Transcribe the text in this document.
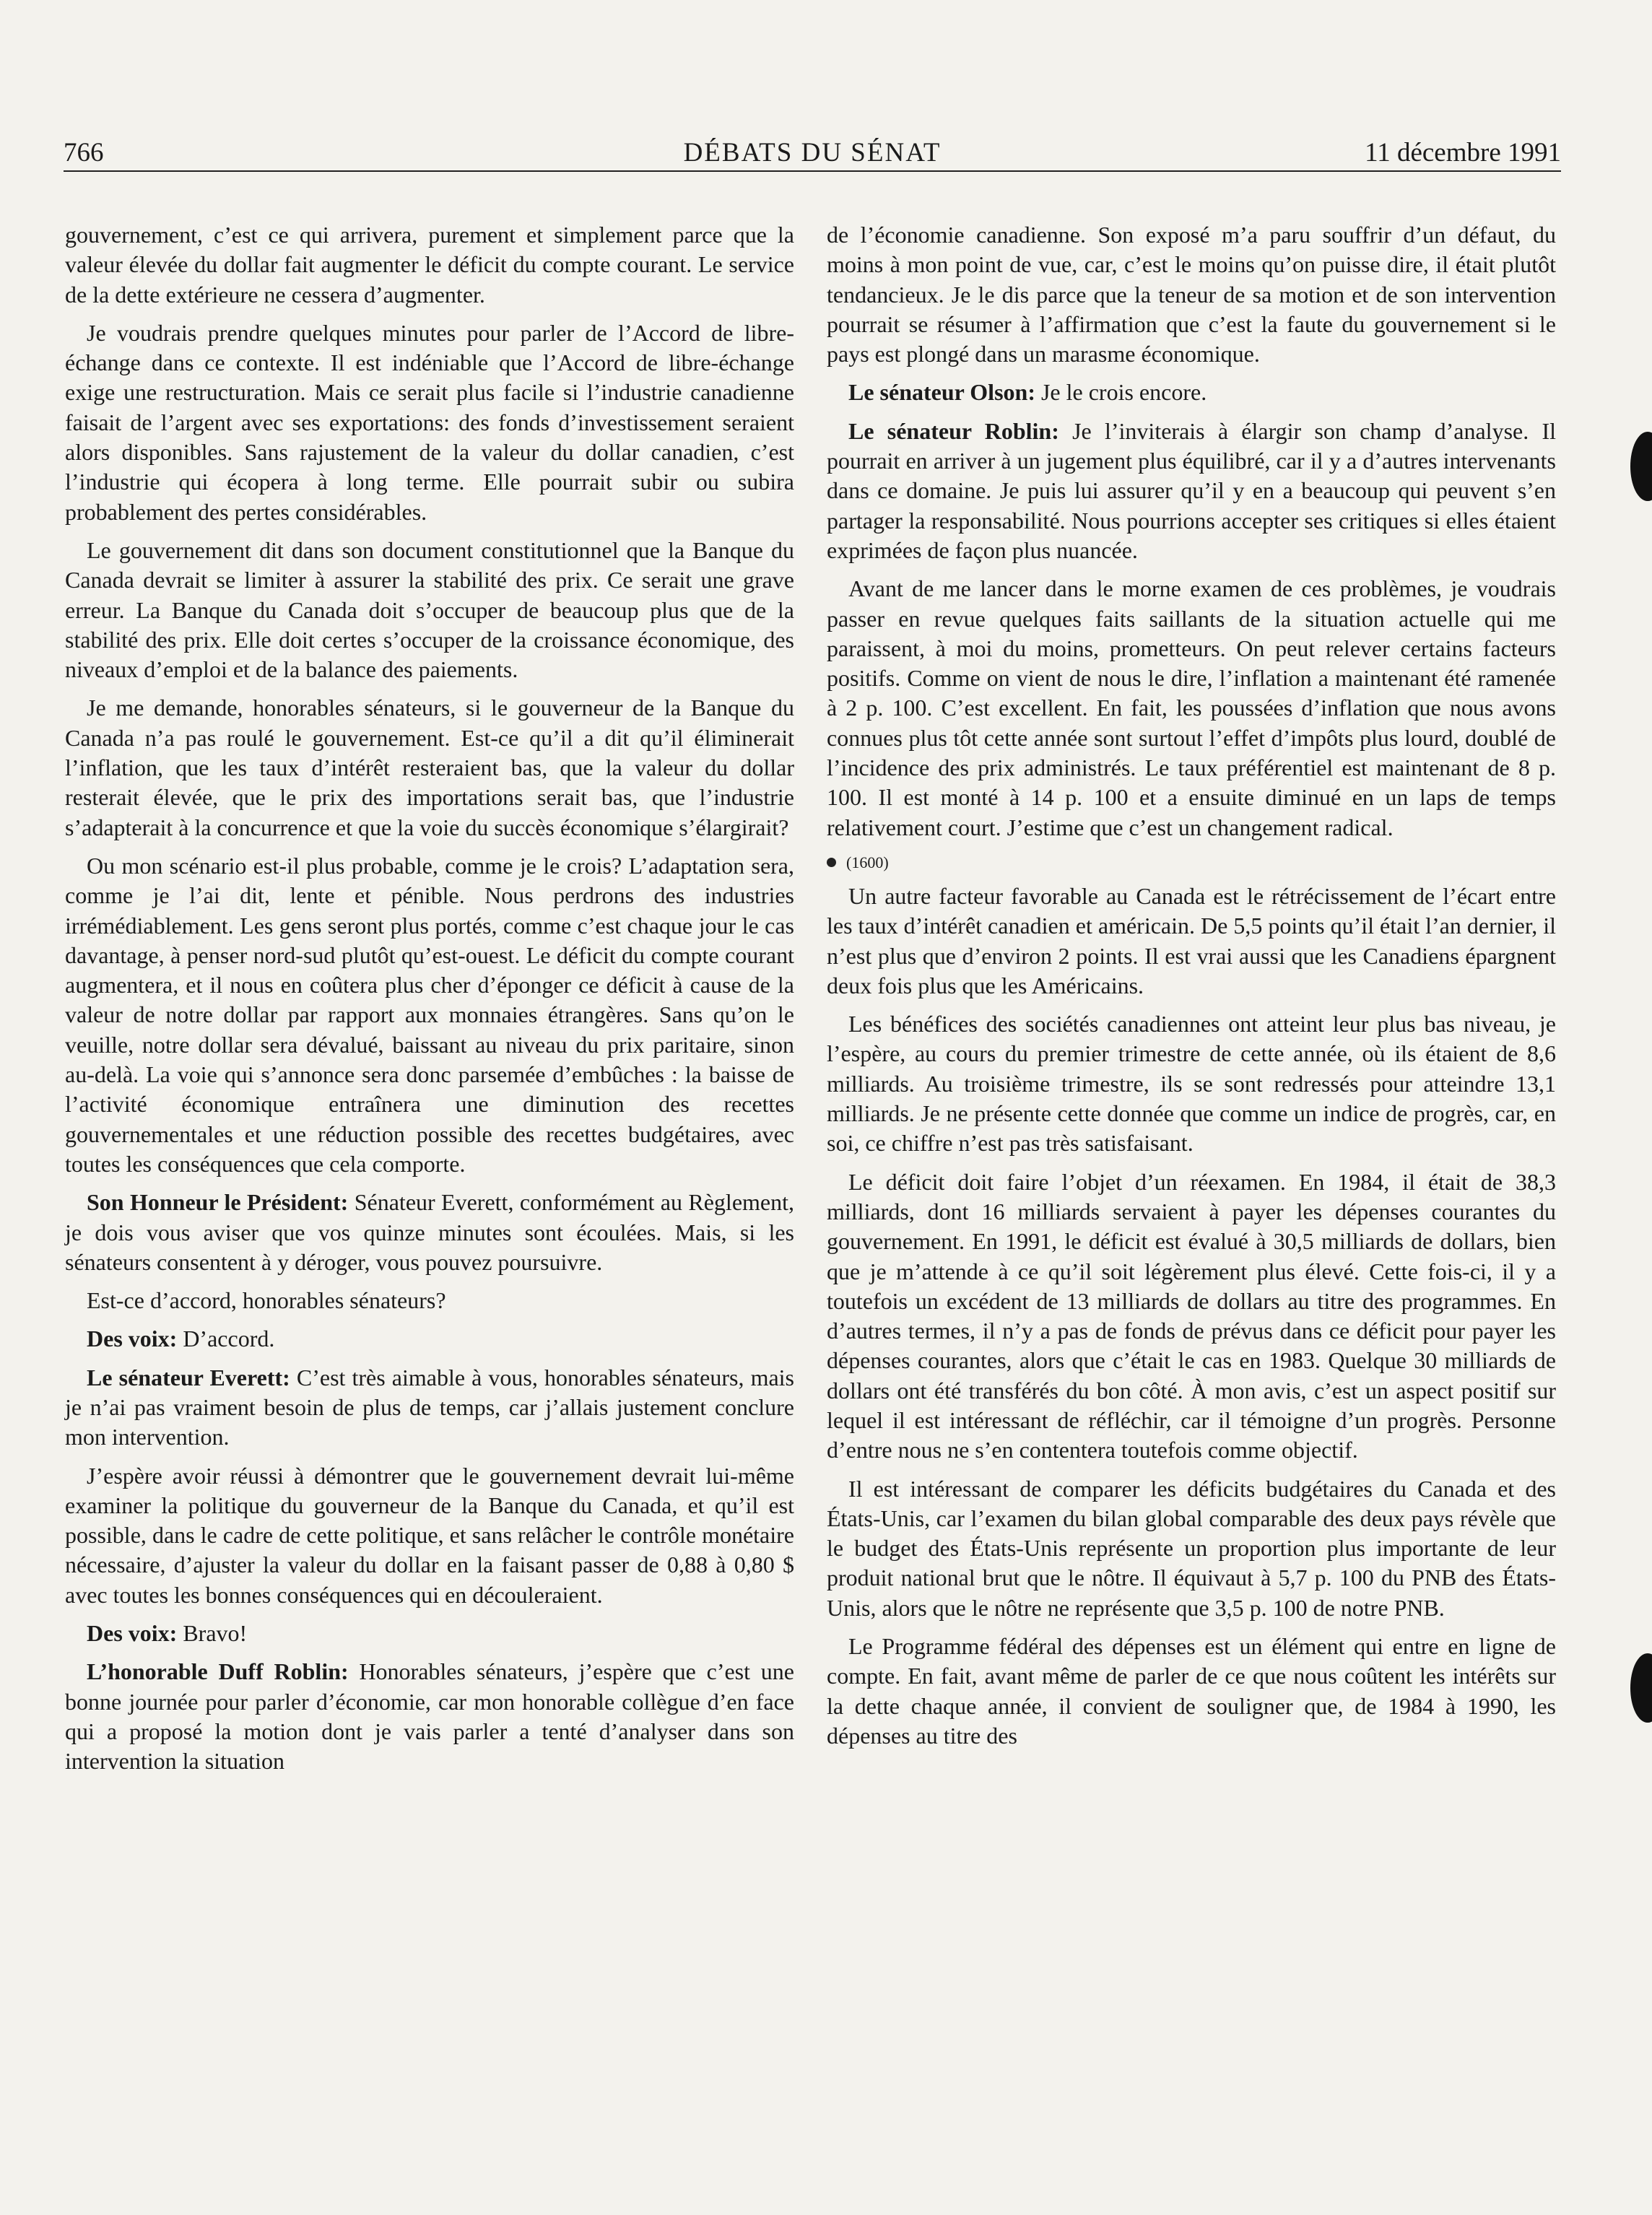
766	DÉBATS DU SÉNAT	11 décembre 1991

gouvernement, c’est ce qui arrivera, purement et simplement parce que la valeur élevée du dollar fait augmenter le déficit du compte courant. Le service de la dette extérieure ne cessera d’augmenter.

Je voudrais prendre quelques minutes pour parler de l’Accord de libre-échange dans ce contexte. Il est indéniable que l’Accord de libre-échange exige une restructuration. Mais ce serait plus facile si l’industrie canadienne faisait de l’argent avec ses exportations: des fonds d’investissement seraient alors disponibles. Sans rajustement de la valeur du dollar canadien, c’est l’industrie qui écopera à long terme. Elle pourrait subir ou subira probablement des pertes considérables.

Le gouvernement dit dans son document constitutionnel que la Banque du Canada devrait se limiter à assurer la stabilité des prix. Ce serait une grave erreur. La Banque du Canada doit s’occuper de beaucoup plus que de la stabilité des prix. Elle doit certes s’occuper de la croissance économique, des niveaux d’emploi et de la balance des paiements.

Je me demande, honorables sénateurs, si le gouverneur de la Banque du Canada n’a pas roulé le gouvernement. Est-ce qu’il a dit qu’il éliminerait l’inflation, que les taux d’intérêt resteraient bas, que la valeur du dollar resterait élevée, que le prix des importations serait bas, que l’industrie s’adapterait à la concurrence et que la voie du succès économique s’élargirait?

Ou mon scénario est-il plus probable, comme je le crois? L’adaptation sera, comme je l’ai dit, lente et pénible. Nous perdrons des industries irrémédiablement. Les gens seront plus portés, comme c’est chaque jour le cas davantage, à penser nord-sud plutôt qu’est-ouest. Le déficit du compte courant augmentera, et il nous en coûtera plus cher d’éponger ce déficit à cause de la valeur de notre dollar par rapport aux monnaies étrangères. Sans qu’on le veuille, notre dollar sera dévalué, baissant au niveau du prix paritaire, sinon au-delà. La voie qui s’annonce sera donc parsemée d’embûches : la baisse de l’activité économique entraînera une diminution des recettes gouvernementales et une réduction possible des recettes budgétaires, avec toutes les conséquences que cela comporte.

Son Honneur le Président: Sénateur Everett, conformément au Règlement, je dois vous aviser que vos quinze minutes sont écoulées. Mais, si les sénateurs consentent à y déroger, vous pouvez poursuivre.

Est-ce d’accord, honorables sénateurs?

Des voix: D’accord.

Le sénateur Everett: C’est très aimable à vous, honorables sénateurs, mais je n’ai pas vraiment besoin de plus de temps, car j’allais justement conclure mon intervention.

J’espère avoir réussi à démontrer que le gouvernement devrait lui-même examiner la politique du gouverneur de la Banque du Canada, et qu’il est possible, dans le cadre de cette politique, et sans relâcher le contrôle monétaire nécessaire, d’ajuster la valeur du dollar en la faisant passer de 0,88 à 0,80 $ avec toutes les bonnes conséquences qui en découleraient.

Des voix: Bravo!

L’honorable Duff Roblin: Honorables sénateurs, j’espère que c’est une bonne journée pour parler d’économie, car mon honorable collègue d’en face qui a proposé la motion dont je vais parler a tenté d’analyser dans son intervention la situation

de l’économie canadienne. Son exposé m’a paru souffrir d’un défaut, du moins à mon point de vue, car, c’est le moins qu’on puisse dire, il était plutôt tendancieux. Je le dis parce que la teneur de sa motion et de son intervention pourrait se résumer à l’affirmation que c’est la faute du gouvernement si le pays est plongé dans un marasme économique.

Le sénateur Olson: Je le crois encore.

Le sénateur Roblin: Je l’inviterais à élargir son champ d’analyse. Il pourrait en arriver à un jugement plus équilibré, car il y a d’autres intervenants dans ce domaine. Je puis lui assurer qu’il y en a beaucoup qui peuvent s’en partager la responsabilité. Nous pourrions accepter ses critiques si elles étaient exprimées de façon plus nuancée.

Avant de me lancer dans le morne examen de ces problèmes, je voudrais passer en revue quelques faits saillants de la situation actuelle qui me paraissent, à moi du moins, prometteurs. On peut relever certains facteurs positifs. Comme on vient de nous le dire, l’inflation a maintenant été ramenée à 2 p. 100. C’est excellent. En fait, les poussées d’inflation que nous avons connues plus tôt cette année sont surtout l’effet d’impôts plus lourd, doublé de l’incidence des prix administrés. Le taux préférentiel est maintenant de 8 p. 100. Il est monté à 14 p. 100 et a ensuite diminué en un laps de temps relativement court. J’estime que c’est un changement radical.

(1600)

Un autre facteur favorable au Canada est le rétrécissement de l’écart entre les taux d’intérêt canadien et américain. De 5,5 points qu’il était l’an dernier, il n’est plus que d’environ 2 points. Il est vrai aussi que les Canadiens épargnent deux fois plus que les Américains.

Les bénéfices des sociétés canadiennes ont atteint leur plus bas niveau, je l’espère, au cours du premier trimestre de cette année, où ils étaient de 8,6 milliards. Au troisième trimestre, ils se sont redressés pour atteindre 13,1 milliards. Je ne présente cette donnée que comme un indice de progrès, car, en soi, ce chiffre n’est pas très satisfaisant.

Le déficit doit faire l’objet d’un réexamen. En 1984, il était de 38,3 milliards, dont 16 milliards servaient à payer les dépenses courantes du gouvernement. En 1991, le déficit est évalué à 30,5 milliards de dollars, bien que je m’attende à ce qu’il soit légèrement plus élevé. Cette fois-ci, il y a toutefois un excédent de 13 milliards de dollars au titre des programmes. En d’autres termes, il n’y a pas de fonds de prévus dans ce déficit pour payer les dépenses courantes, alors que c’était le cas en 1983. Quelque 30 milliards de dollars ont été transférés du bon côté. À mon avis, c’est un aspect positif sur lequel il est intéressant de réfléchir, car il témoigne d’un progrès. Personne d’entre nous ne s’en contentera toutefois comme objectif.

Il est intéressant de comparer les déficits budgétaires du Canada et des États-Unis, car l’examen du bilan global comparable des deux pays révèle que le budget des États-Unis représente un proportion plus importante de leur produit national brut que le nôtre. Il équivaut à 5,7 p. 100 du PNB des États-Unis, alors que le nôtre ne représente que 3,5 p. 100 de notre PNB.

Le Programme fédéral des dépenses est un élément qui entre en ligne de compte. En fait, avant même de parler de ce que nous coûtent les intérêts sur la dette chaque année, il convient de souligner que, de 1984 à 1990, les dépenses au titre des
